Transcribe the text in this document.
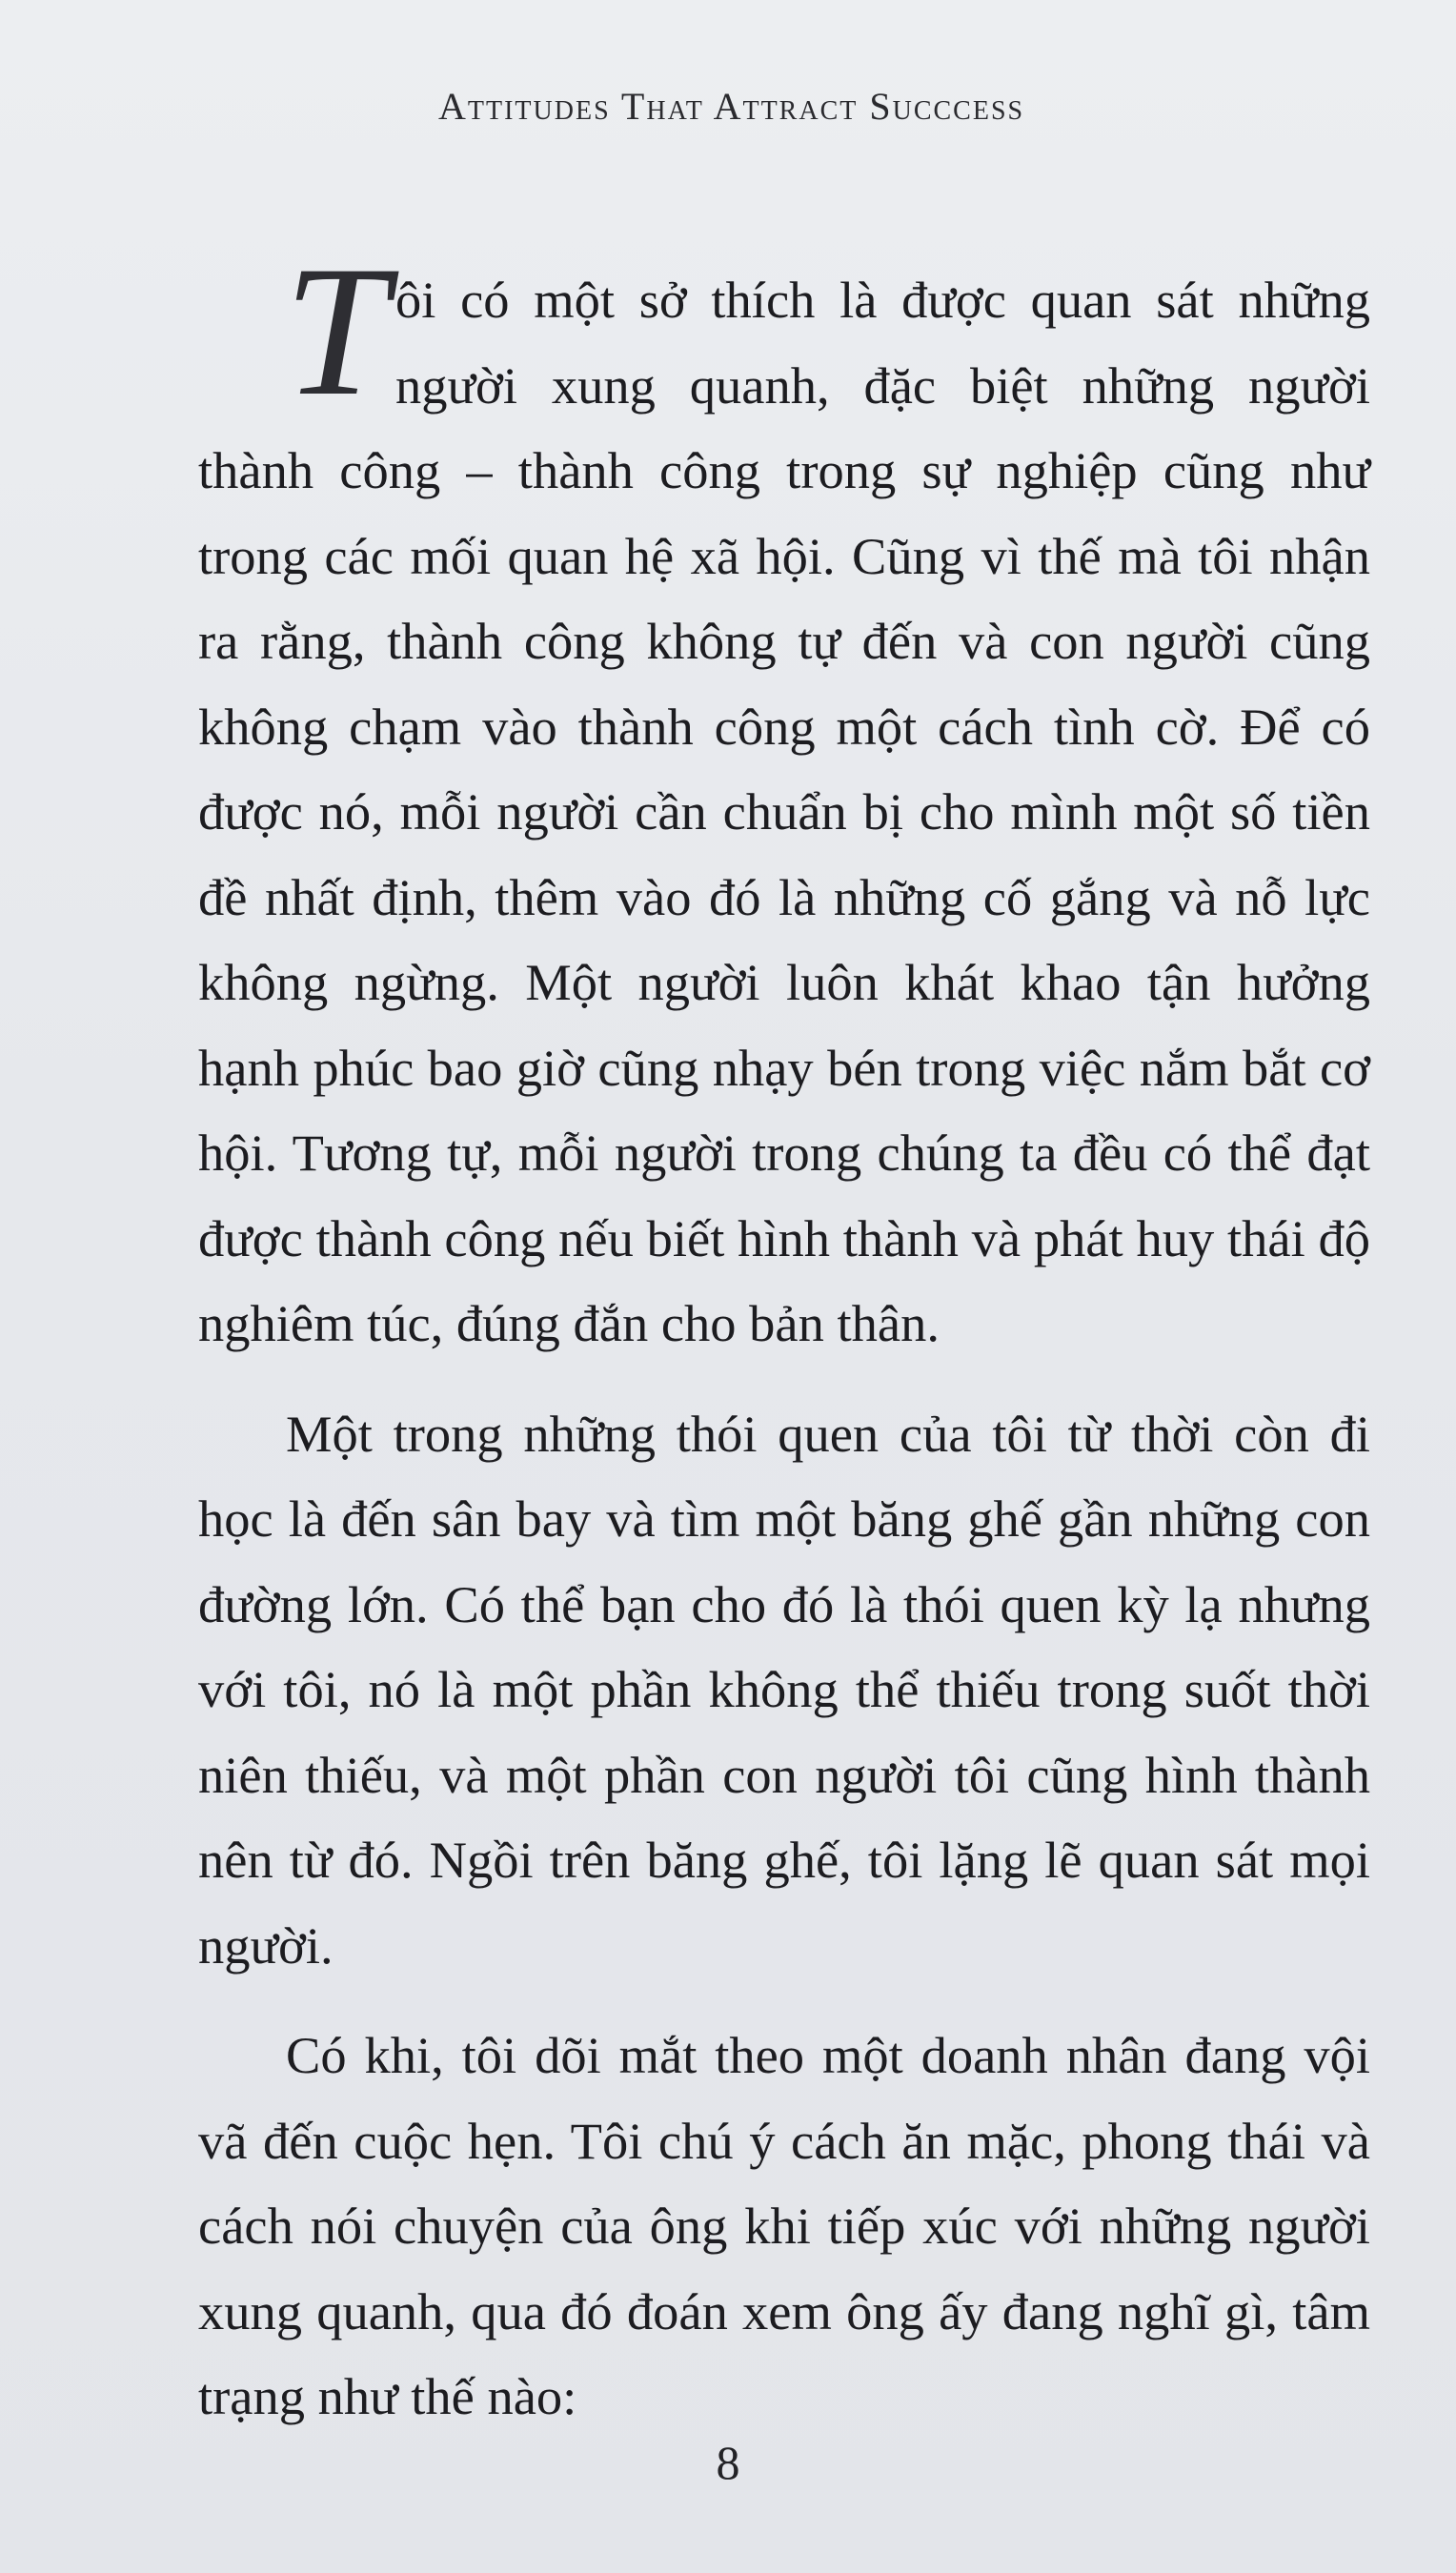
Attitudes That Attract Succcess

Tôi có một sở thích là được quan sát những người xung quanh, đặc biệt những người thành công – thành công trong sự nghiệp cũng như trong các mối quan hệ xã hội. Cũng vì thế mà tôi nhận ra rằng, thành công không tự đến và con người cũng không chạm vào thành công một cách tình cờ. Để có được nó, mỗi người cần chuẩn bị cho mình một số tiền đề nhất định, thêm vào đó là những cố gắng và nỗ lực không ngừng. Một người luôn khát khao tận hưởng hạnh phúc bao giờ cũng nhạy bén trong việc nắm bắt cơ hội. Tương tự, mỗi người trong chúng ta đều có thể đạt được thành công nếu biết hình thành và phát huy thái độ nghiêm túc, đúng đắn cho bản thân.

Một trong những thói quen của tôi từ thời còn đi học là đến sân bay và tìm một băng ghế gần những con đường lớn. Có thể bạn cho đó là thói quen kỳ lạ nhưng với tôi, nó là một phần không thể thiếu trong suốt thời niên thiếu, và một phần con người tôi cũng hình thành nên từ đó. Ngồi trên băng ghế, tôi lặng lẽ quan sát mọi người.

Có khi, tôi dõi mắt theo một doanh nhân đang vội vã đến cuộc hẹn. Tôi chú ý cách ăn mặc, phong thái và cách nói chuyện của ông khi tiếp xúc với những người xung quanh, qua đó đoán xem ông ấy đang nghĩ gì, tâm trạng như thế nào:

8
